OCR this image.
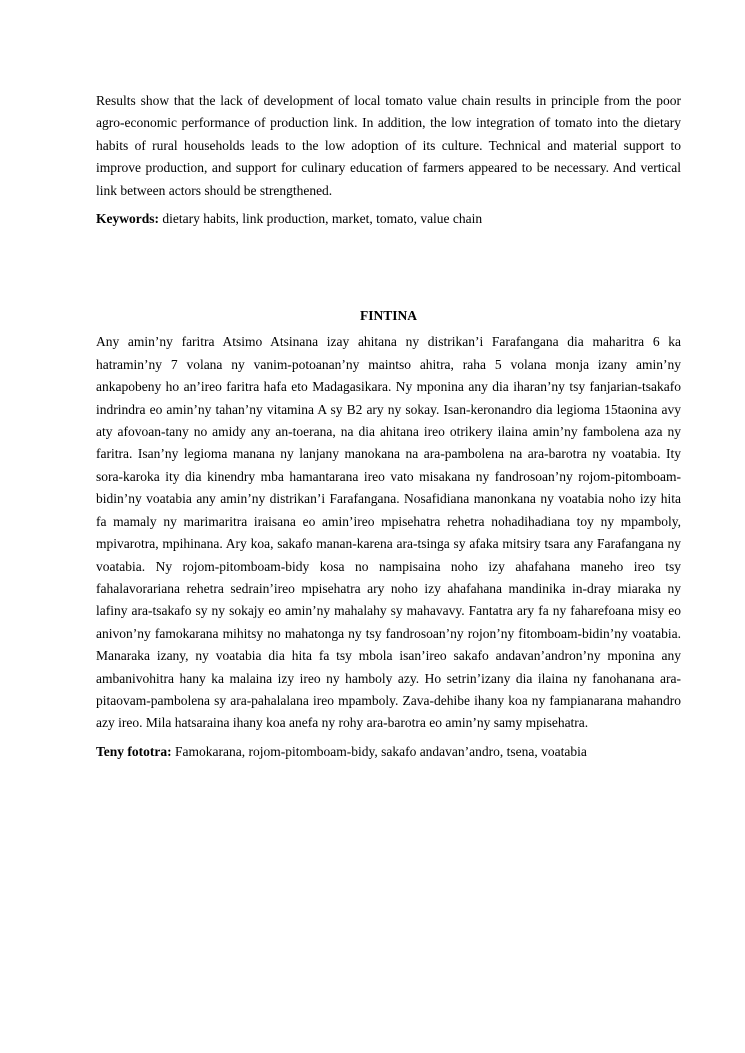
Results show that the lack of development of local tomato value chain results in principle from the poor agro-economic performance of production link. In addition, the low integration of tomato into the dietary habits of rural households leads to the low adoption of its culture. Technical and material support to improve production, and support for culinary education of farmers appeared to be necessary. And vertical link between actors should be strengthened.

Keywords: dietary habits, link production, market, tomato, value chain

FINTINA

Any amin’ny faritra Atsimo Atsinana izay ahitana ny distrikan’i Farafangana dia maharitra 6 ka hatramin’ny 7 volana ny vanim-potoanan’ny maintso ahitra, raha 5 volana monja izany amin’ny ankapobeny ho an’ireo faritra hafa eto Madagasikara. Ny mponina any dia iharan’ny tsy fanjarian-tsakafo indrindra eo amin’ny tahan’ny vitamina A sy B2 ary ny sokay. Isan-keronandro dia legioma 15taonina avy aty afovoan-tany no amidy any an-toerana, na dia ahitana ireo otrikery ilaina amin’ny fambolena aza ny faritra. Isan’ny legioma manana ny lanjany manokana na ara-pambolena na ara-barotra ny voatabia. Ity sora-karoka ity dia kinendry mba hamantarana ireo vato misakana ny fandrosoan’ny rojom-pitomboam-bidin’ny voatabia any amin’ny distrikan’i Farafangana. Nosafidiana manonkana ny voatabia noho izy hita fa mamaly ny marimaritra iraisana eo amin’ireo mpisehatra rehetra nohadihadiana toy ny mpamboly, mpivarotra, mpihinana. Ary koa, sakafo manan-karena ara-tsinga sy afaka mitsiry tsara any Farafangana ny voatabia. Ny rojom-pitomboam-bidy kosa no nampisaina noho izy ahafahana maneho ireo tsy fahalavorariana rehetra sedrain’ireo mpisehatra ary noho izy ahafahana mandinika in-dray miaraka ny lafiny ara-tsakafo sy ny sokajy eo amin’ny mahalahy sy mahavavy. Fantatra ary fa ny faharefoana misy eo anivon’ny famokarana mihitsy no mahatonga ny tsy fandrosoan’ny rojon’ny fitomboam-bidin’ny voatabia. Manaraka izany, ny voatabia dia hita fa tsy mbola isan’ireo sakafo andavan’andron’ny mponina any ambanivohitra hany ka malaina izy ireo ny hamboly azy. Ho setrin’izany dia ilaina ny fanohanana ara-pitaovam-pambolena sy ara-pahalalana ireo mpamboly. Zava-dehibe ihany koa ny fampianarana mahandro azy ireo. Mila hatsaraina ihany koa anefa ny rohy ara-barotra eo amin’ny samy mpisehatra.

Teny fototra: Famokarana, rojom-pitomboam-bidy, sakafo andavan’andro, tsena, voatabia
